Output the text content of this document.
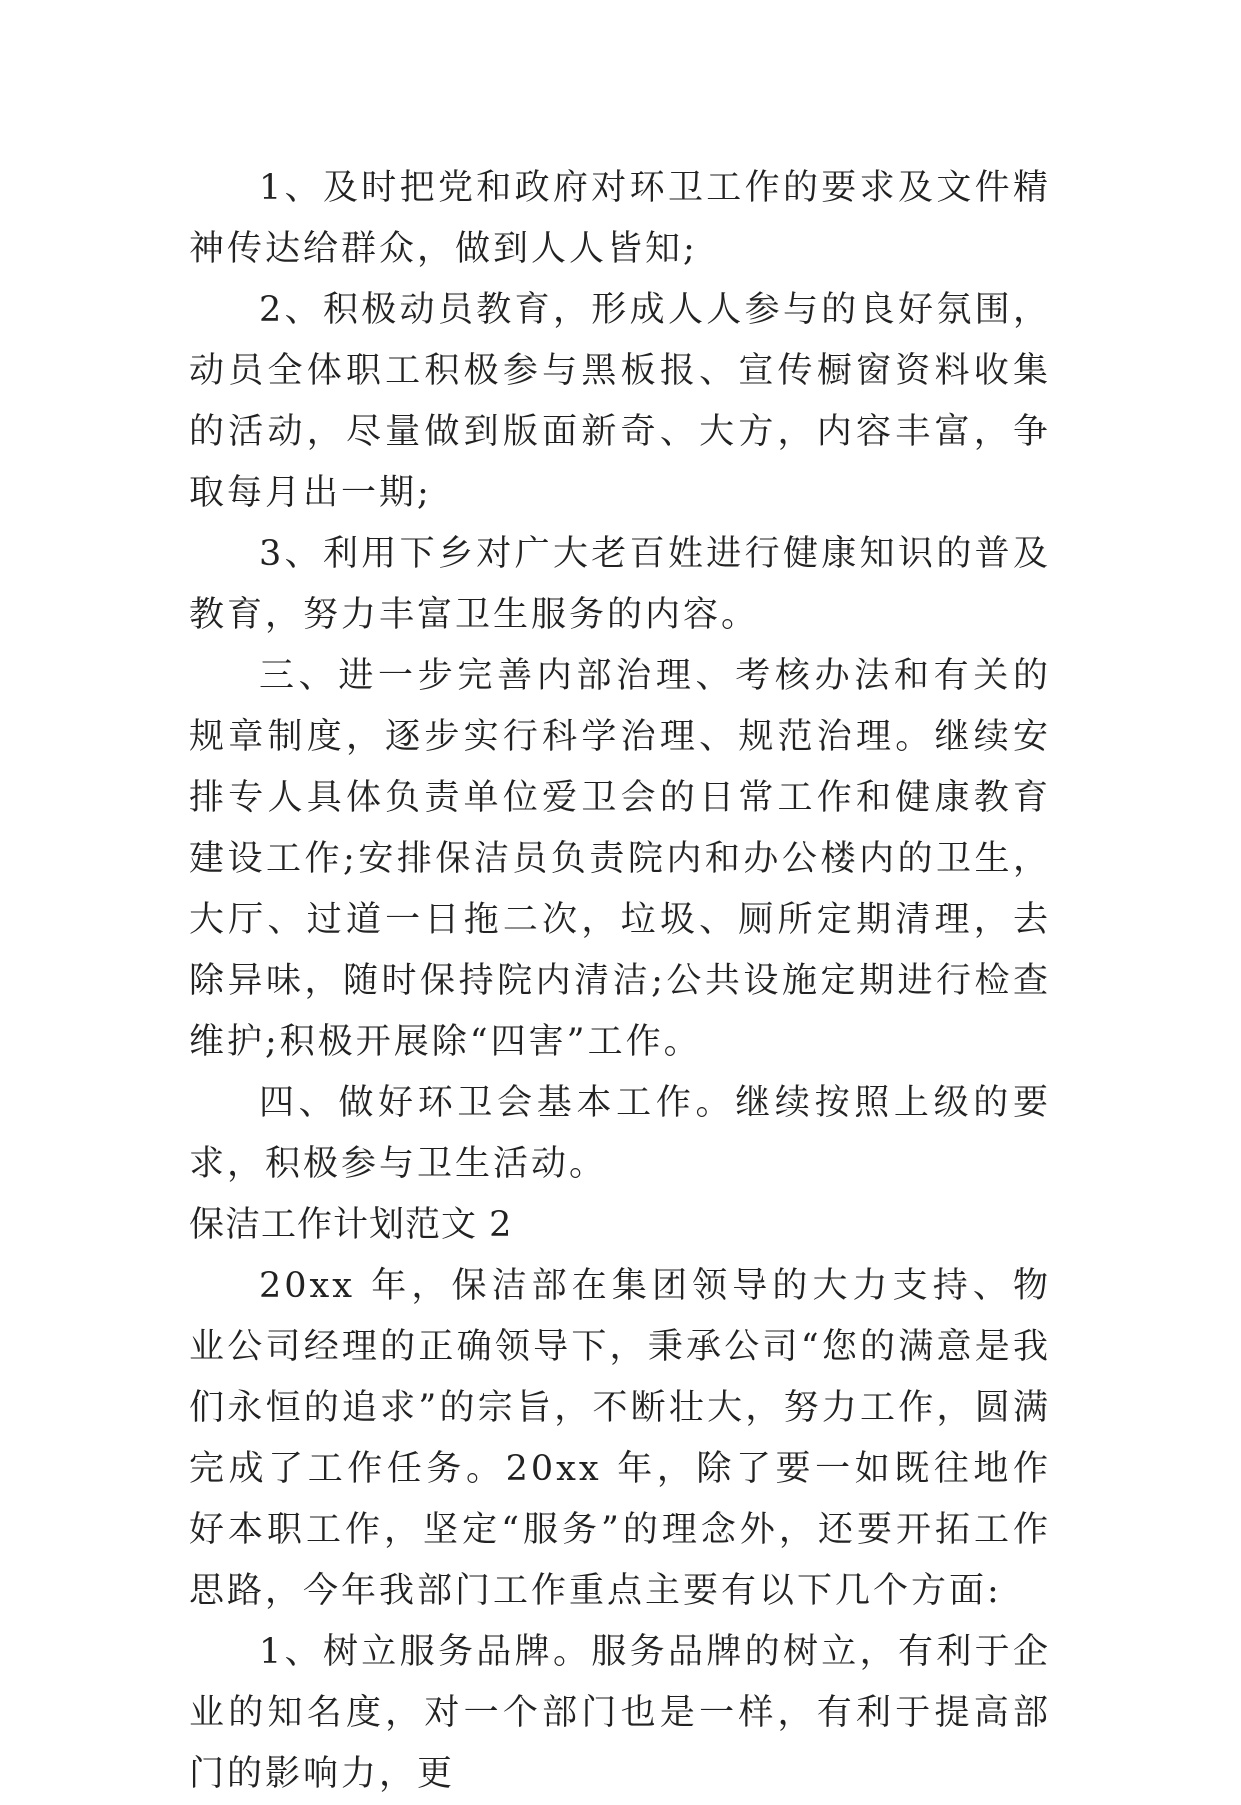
1、及时把党和政府对环卫工作的要求及文件精神传达给群众，做到人人皆知;

2、积极动员教育，形成人人参与的良好氛围，动员全体职工积极参与黑板报、宣传橱窗资料收集的活动，尽量做到版面新奇、大方，内容丰富，争取每月出一期;

3、利用下乡对广大老百姓进行健康知识的普及教育，努力丰富卫生服务的内容。

三、进一步完善内部治理、考核办法和有关的规章制度，逐步实行科学治理、规范治理。继续安排专人具体负责单位爱卫会的日常工作和健康教育建设工作;安排保洁员负责院内和办公楼内的卫生，大厅、过道一日拖二次，垃圾、厕所定期清理，去除异味，随时保持院内清洁;公共设施定期进行检查维护;积极开展除“四害”工作。

四、做好环卫会基本工作。继续按照上级的要求，积极参与卫生活动。

保洁工作计划范文 2

20xx 年，保洁部在集团领导的大力支持、物业公司经理的正确领导下，秉承公司“您的满意是我们永恒的追求”的宗旨，不断壮大，努力工作，圆满完成了工作任务。20xx 年，除了要一如既往地作好本职工作，坚定“服务”的理念外，还要开拓工作思路，今年我部门工作重点主要有以下几个方面:

1、树立服务品牌。服务品牌的树立，有利于企业的知名度，对一个部门也是一样，有利于提高部门的影响力，更
